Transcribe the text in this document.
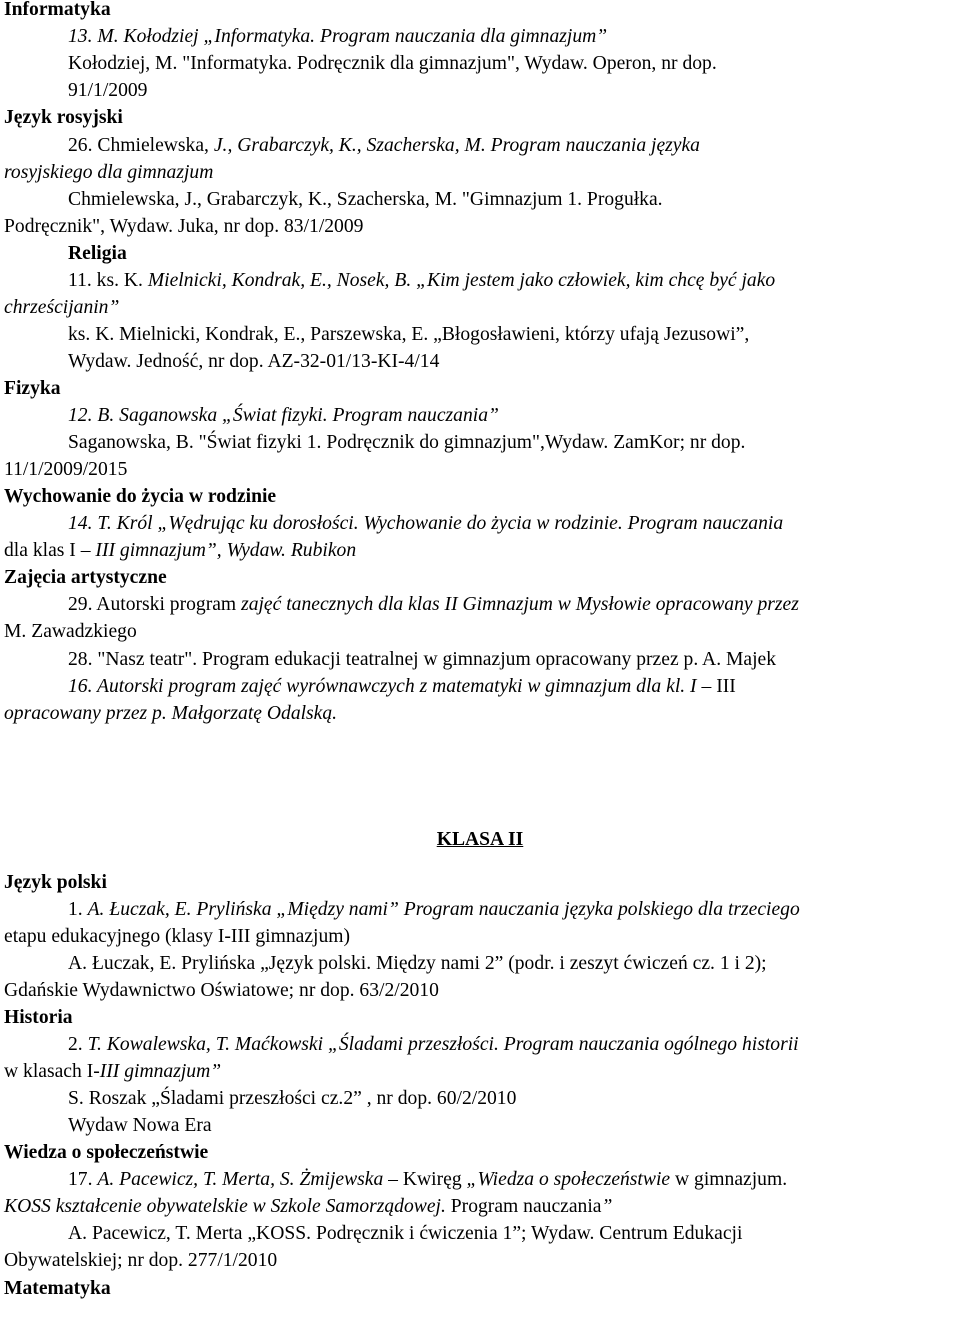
Informatyka
13. M. Kołodziej „Informatyka. Program nauczania dla gimnazjum”
Kołodziej, M. "Informatyka. Podręcznik dla gimnazjum", Wydaw. Operon, nr dop.
91/1/2009
Język rosyjski
26. Chmielewska, J., Grabarczyk, K., Szacherska, M. Program nauczania języka
rosyjskiego dla gimnazjum
Chmielewska, J., Grabarczyk, K., Szacherska, M. "Gimnazjum 1. Progułka.
Podręcznik", Wydaw. Juka, nr dop. 83/1/2009
Religia
11. ks. K. Mielnicki, Kondrak, E., Nosek, B. „Kim jestem jako człowiek, kim chcę być jako
chrześcijanin”
ks. K. Mielnicki, Kondrak, E., Parszewska, E. „Błogosławieni, którzy ufają Jezusowi”,
Wydaw. Jedność, nr dop. AZ-32-01/13-KI-4/14
Fizyka
12. B. Saganowska „Świat fizyki. Program nauczania”
Saganowska, B. "Świat fizyki 1. Podręcznik do gimnazjum",Wydaw. ZamKor; nr dop.
11/1/2009/2015
Wychowanie do życia w rodzinie
14. T. Król „Wędrując ku dorosłości. Wychowanie do życia w rodzinie. Program nauczania
dla klas I – III gimnazjum”, Wydaw. Rubikon
Zajęcia artystyczne
29. Autorski program zajęć tanecznych dla klas II Gimnazjum w Mysłowie opracowany przez
M. Zawadzkiego
28. "Nasz teatr". Program edukacji teatralnej w gimnazjum opracowany przez p. A. Majek
16. Autorski program zajęć wyrównawczych z matematyki w gimnazjum dla kl. I – III
opracowany przez p. Małgorzatę Odalską.
KLASA II
Język polski
1. A. Łuczak, E. Prylińska „Między nami” Program nauczania języka polskiego dla trzeciego
etapu edukacyjnego (klasy I-III gimnazjum)
A. Łuczak, E. Prylińska „Język polski. Między nami 2” (podr. i zeszyt ćwiczeń cz. 1 i 2);
Gdańskie Wydawnictwo Oświatowe; nr dop. 63/2/2010
Historia
2. T. Kowalewska, T. Maćkowski „Śladami przeszłości. Program nauczania ogólnego historii
w klasach I-III gimnazjum”
S. Roszak „Śladami przeszłości cz.2” , nr dop. 60/2/2010
Wydaw Nowa Era
Wiedza o społeczeństwie
17. A. Pacewicz, T. Merta, S. Żmijewska – Kwiręg „Wiedza o społeczeństwie w gimnazjum.
KOSS kształcenie obywatelskie w Szkole Samorządowej. Program nauczania”
A. Pacewicz, T. Merta „KOSS. Podręcznik i ćwiczenia 1”; Wydaw. Centrum Edukacji
Obywatelskiej; nr dop. 277/1/2010
Matematyka
